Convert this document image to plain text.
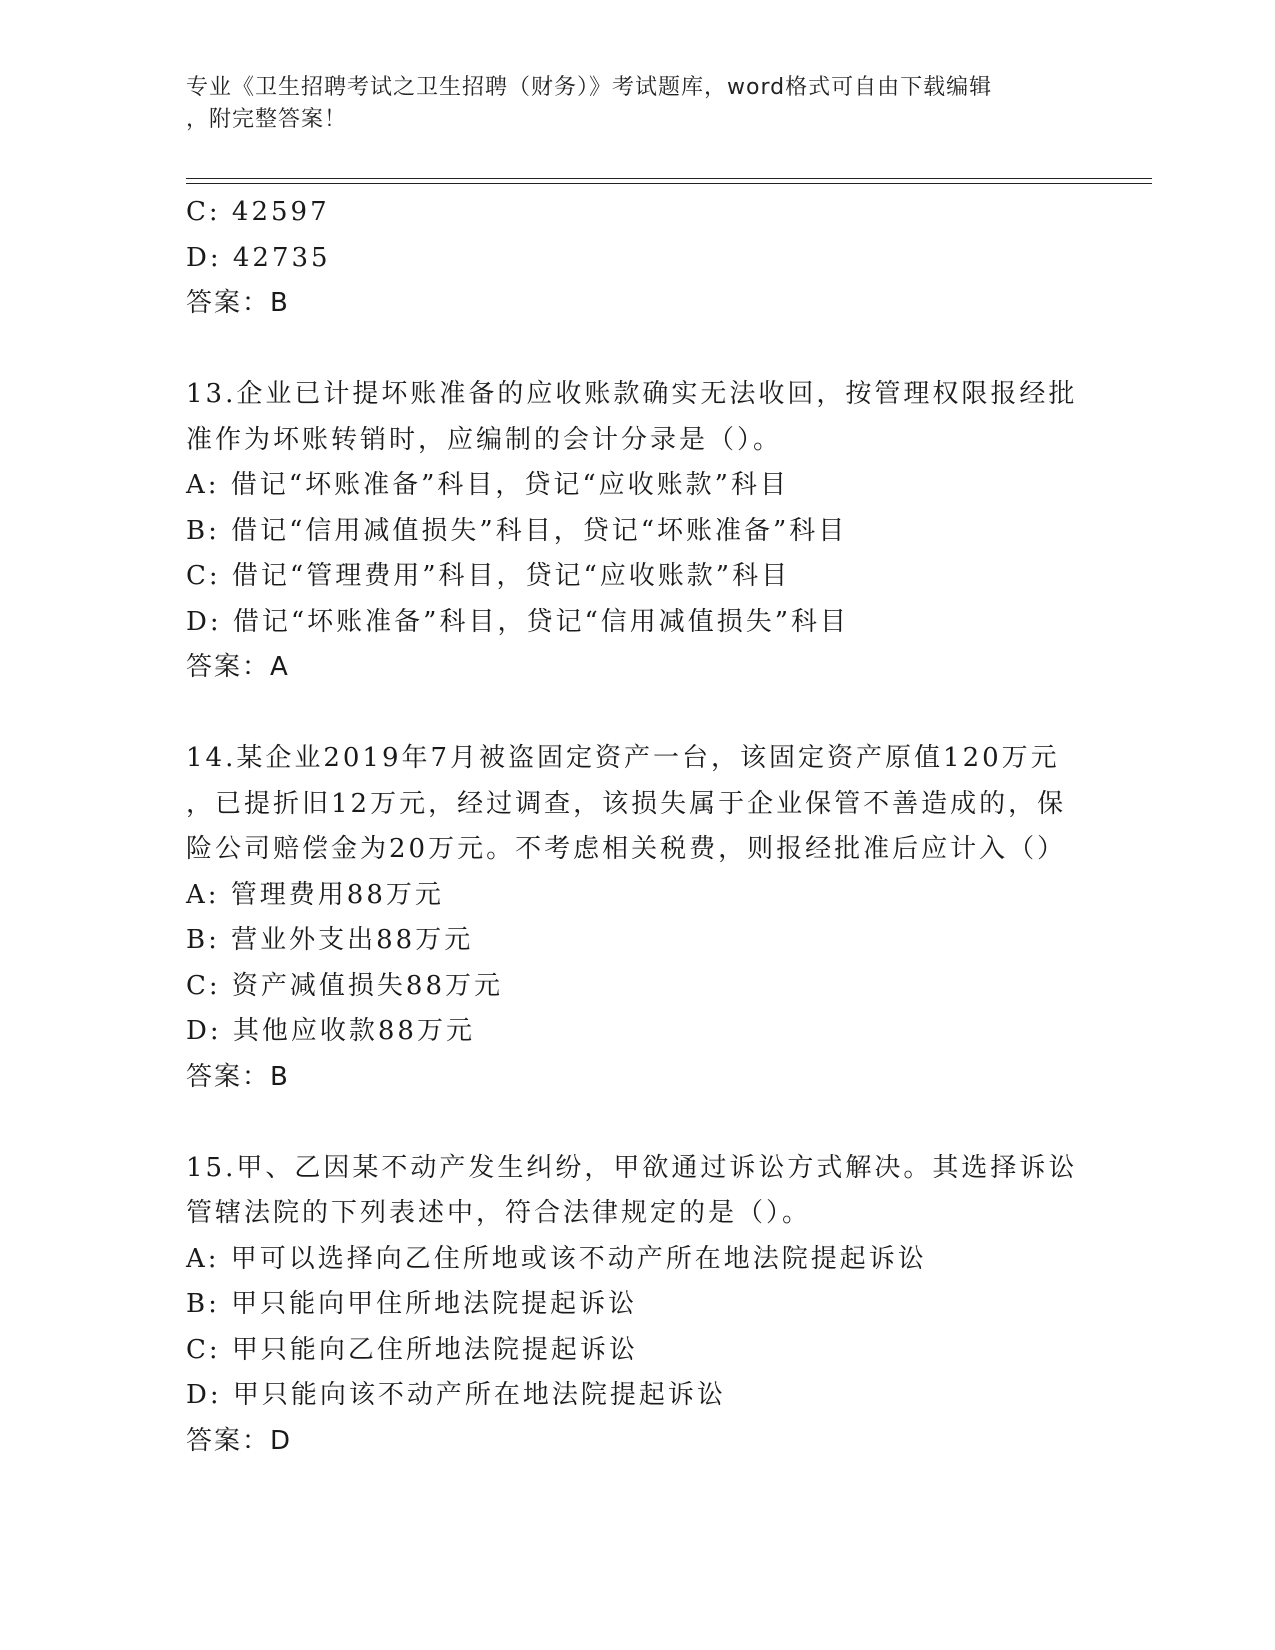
专业《卫生招聘考试之卫生招聘（财务）》考试题库，word格式可自由下载编辑
，附完整答案！
C: 42597
D: 42735
答案：B
13.企业已计提坏账准备的应收账款确实无法收回，按管理权限报经批
准作为坏账转销时，应编制的会计分录是（）。
A: 借记“坏账准备”科目，贷记“应收账款”科目
B: 借记“信用减值损失”科目，贷记“坏账准备”科目
C: 借记“管理费用”科目，贷记“应收账款”科目
D: 借记“坏账准备”科目，贷记“信用减值损失”科目
答案：A
14.某企业2019年7月被盗固定资产一台，该固定资产原值120万元
，已提折旧12万元，经过调查，该损失属于企业保管不善造成的，保
险公司赔偿金为20万元。不考虑相关税费，则报经批准后应计入（）
A: 管理费用88万元
B: 营业外支出88万元
C: 资产减值损失88万元
D: 其他应收款88万元
答案：B
15.甲、乙因某不动产发生纠纷，甲欲通过诉讼方式解决。其选择诉讼
管辖法院的下列表述中，符合法律规定的是（）。
A: 甲可以选择向乙住所地或该不动产所在地法院提起诉讼
B: 甲只能向甲住所地法院提起诉讼
C: 甲只能向乙住所地法院提起诉讼
D: 甲只能向该不动产所在地法院提起诉讼
答案：D
